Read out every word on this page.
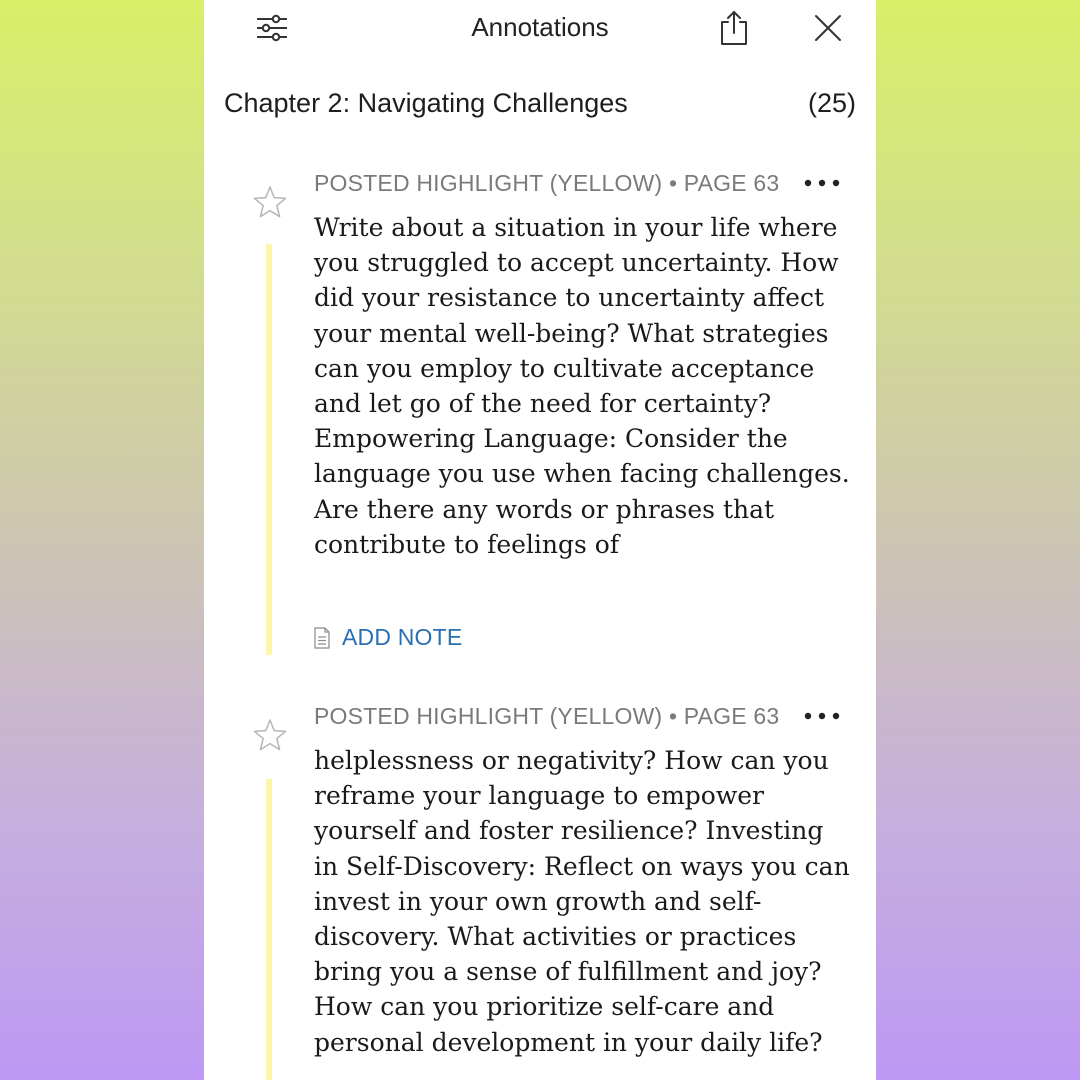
Annotations
Chapter 2: Navigating Challenges	(25)
POSTED HIGHLIGHT (YELLOW) • PAGE 63

Write about a situation in your life where you struggled to accept uncertainty. How did your resistance to uncertainty affect your mental well-being? What strategies can you employ to cultivate acceptance and let go of the need for certainty? Empowering Language: Consider the language you use when facing challenges. Are there any words or phrases that contribute to feelings of

ADD NOTE
POSTED HIGHLIGHT (YELLOW) • PAGE 63

helplessness or negativity? How can you reframe your language to empower yourself and foster resilience? Investing in Self-Discovery: Reflect on ways you can invest in your own growth and self-discovery. What activities or practices bring you a sense of fulfillment and joy? How can you prioritize self-care and personal development in your daily life?
